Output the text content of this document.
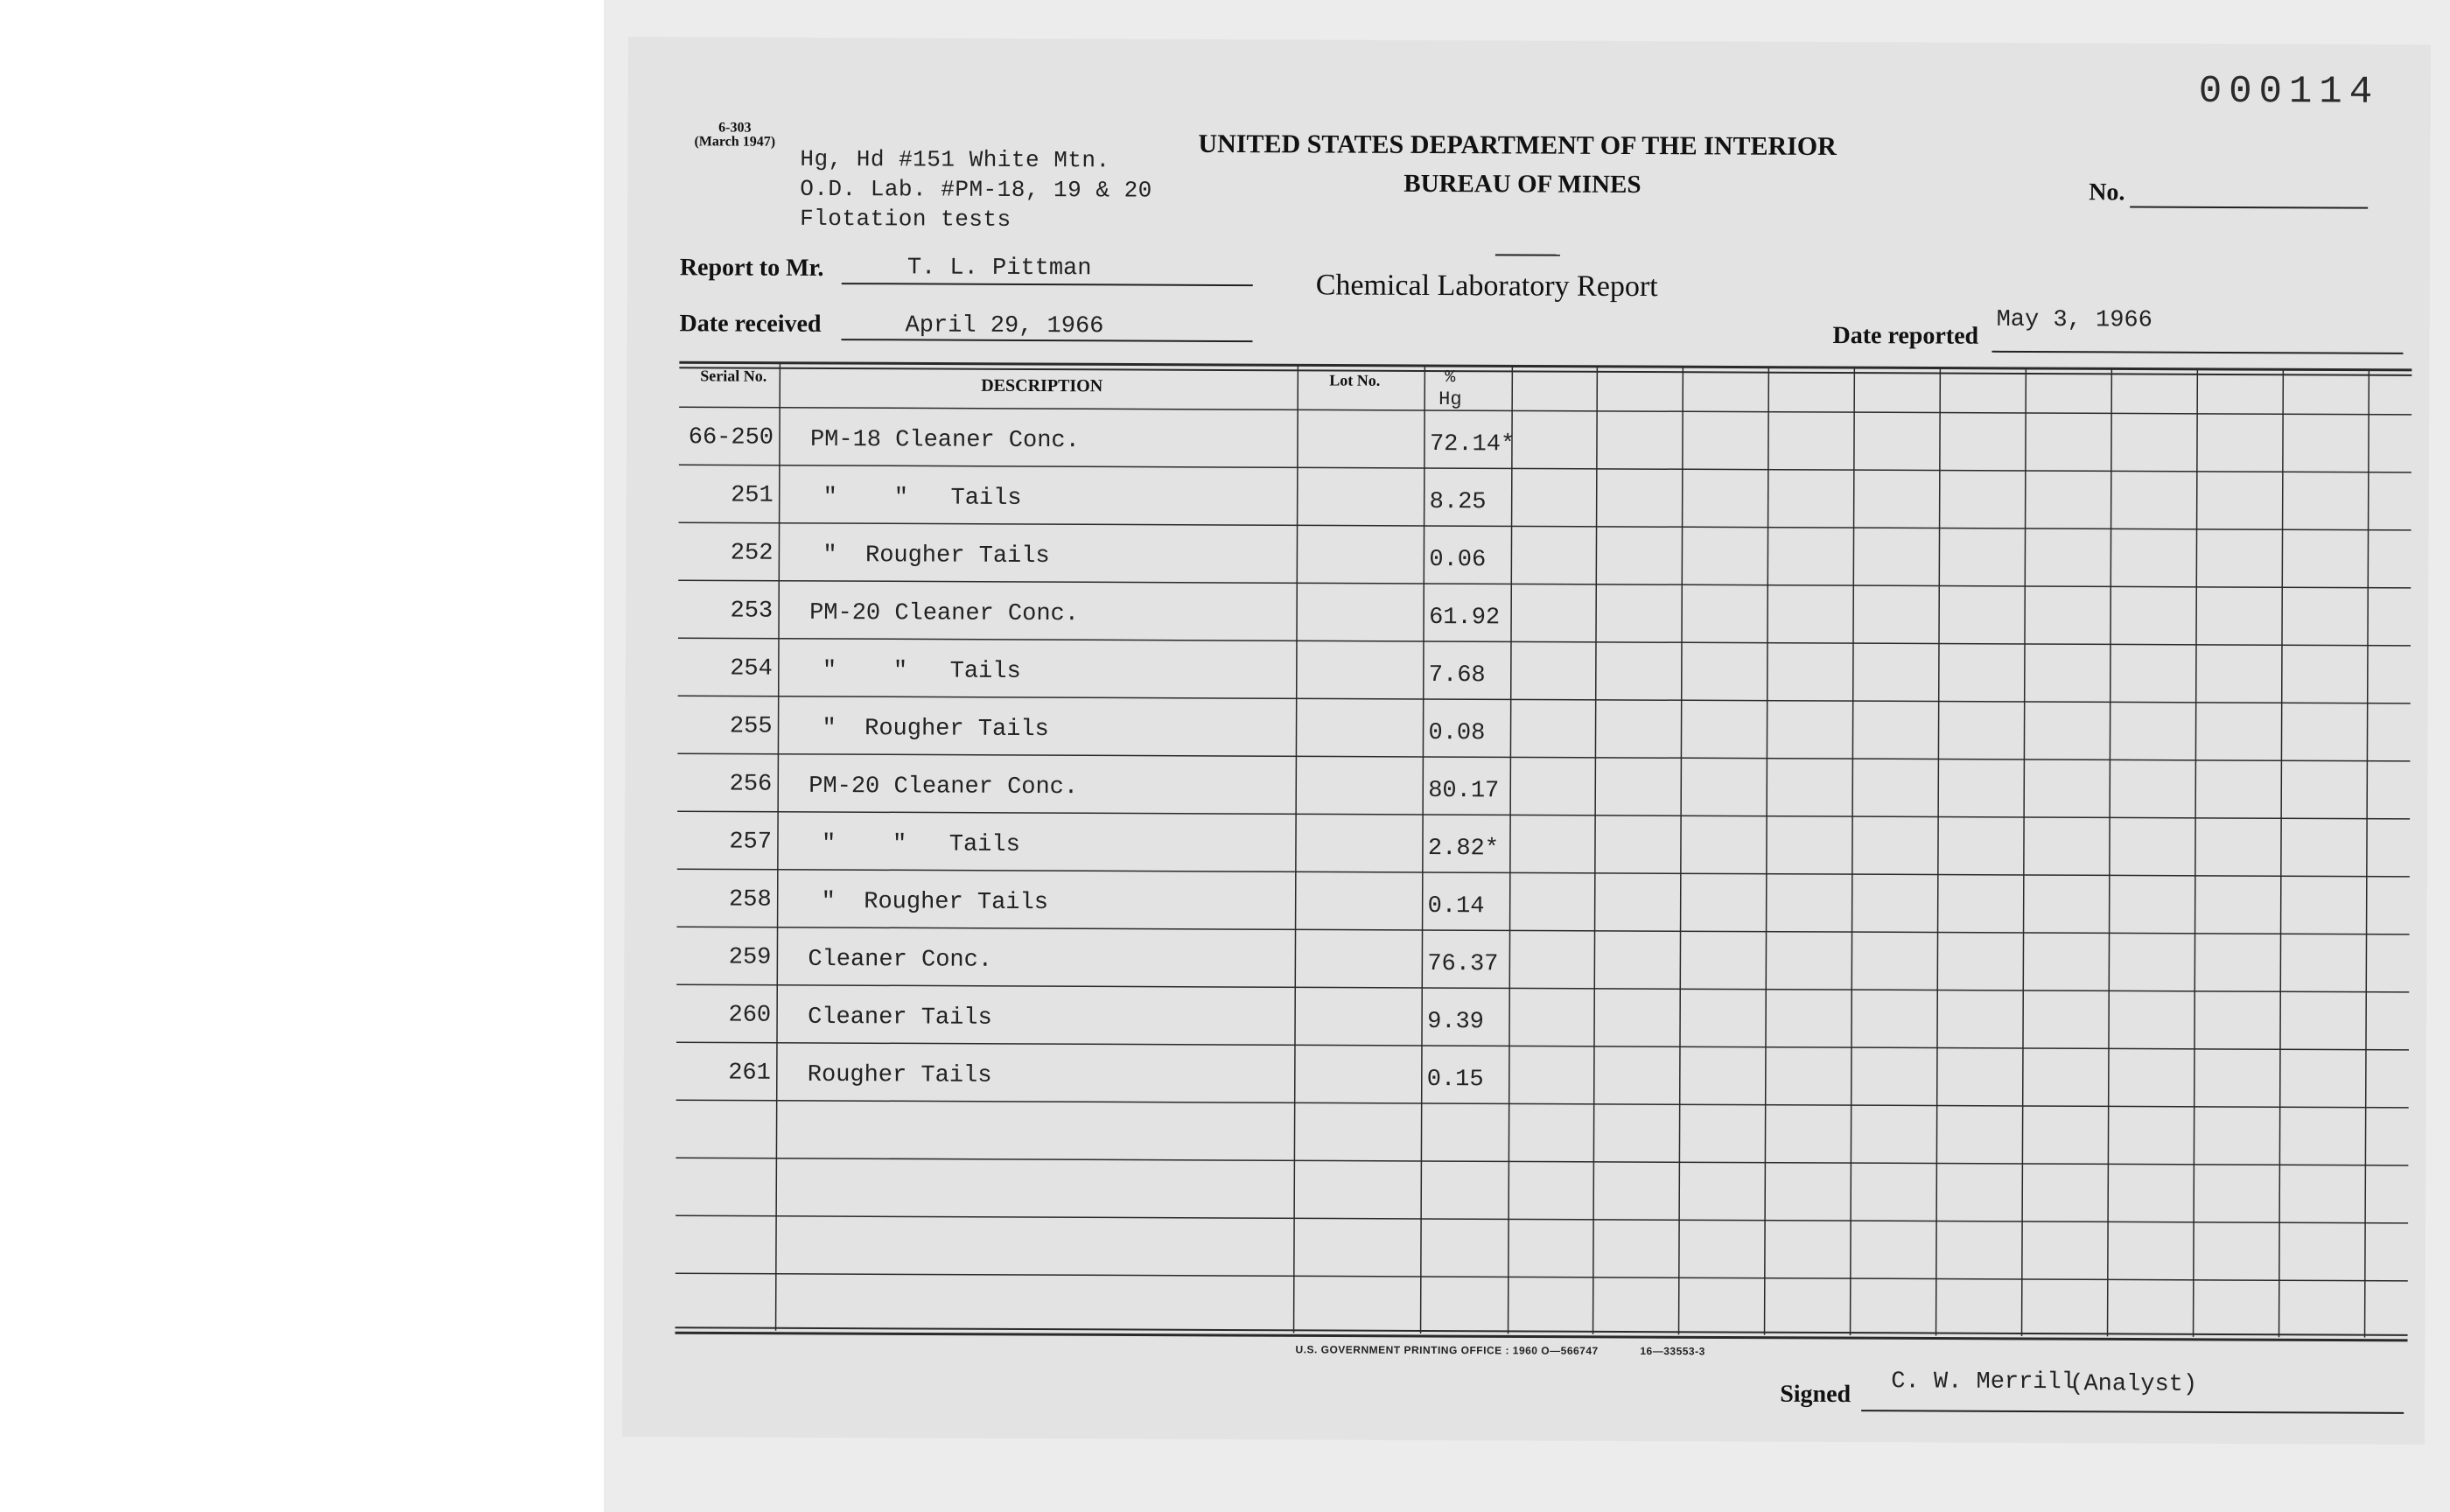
000114
6-303
(March 1947)
Hg, Hd #151 White Mtn.
O.D. Lab. #PM-18, 19 & 20
Flotation tests
UNITED STATES DEPARTMENT OF THE INTERIOR
BUREAU OF MINES	No.
Chemical Laboratory Report
Report to Mr.	T. L. Pittman
Date received	April 29, 1966	Date reported
May 3, 1966
Serial No.
DESCRIPTION	Lot No.	%
Hg
66-250 PM-18 Cleaner Conc.	72.14*
251 "    "   Tails	8.25
252 "  Rougher Tails	0.06
253 PM-20 Cleaner Conc.	61.92
254 "    "   Tails	7.68
255 "  Rougher Tails	0.08
256 PM-20 Cleaner Conc.	80.17
257 "    "   Tails	2.82*
258 "  Rougher Tails	0.14
259 Cleaner Conc.	76.37
260 Cleaner Tails	9.39
261 Rougher Tails	0.15
U.S. GOVERNMENT PRINTING OFFICE : 1960 O—566747	16—33553-3
Signed C. W. Merrill
(Analyst)
